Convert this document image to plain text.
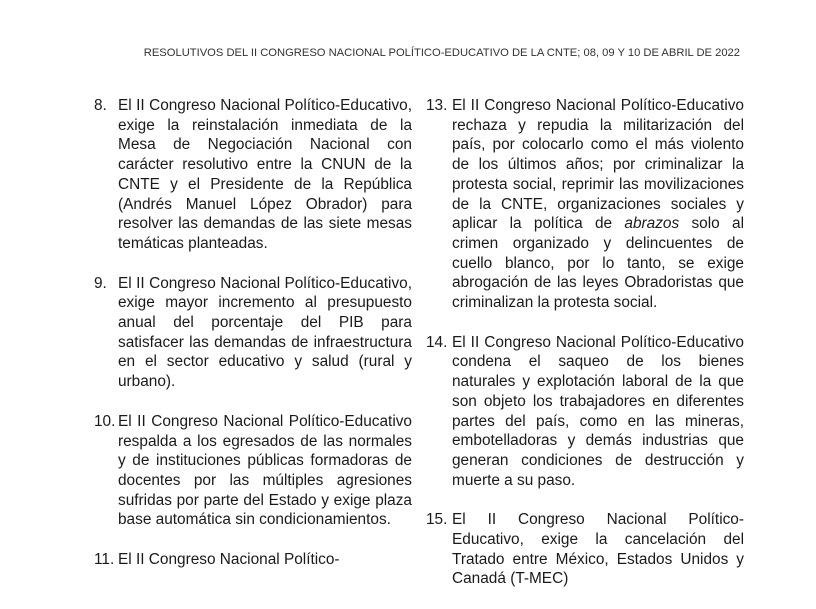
RESOLUTIVOS DEL II CONGRESO NACIONAL POLÍTICO-EDUCATIVO DE LA CNTE; 08, 09 Y 10 DE ABRIL DE 2022
8. El II Congreso Nacional Político-Educativo, exige la reinstalación inmediata de la Mesa de Negociación Nacional con carácter resolutivo entre la CNUN de la CNTE y el Presidente de la República (Andrés Manuel López Obrador) para resolver las demandas de las siete mesas temáticas planteadas.
9. El II Congreso Nacional Político-Educativo, exige mayor incremento al presupuesto anual del porcentaje del PIB para satisfacer las demandas de infraestructura en el sector educativo y salud (rural y urbano).
10. El II Congreso Nacional Político-Educativo respalda a los egresados de las normales y de instituciones públicas formadoras de docentes por las múltiples agresiones sufridas por parte del Estado y exige plaza base automática sin condicionamientos.
11. El II Congreso Nacional Político-
13. El II Congreso Nacional Político-Educativo rechaza y repudia la militarización del país, por colocarlo como el más violento de los últimos años; por criminalizar la protesta social, reprimir las movilizaciones de la CNTE, organizaciones sociales y aplicar la política de abrazos solo al crimen organizado y delincuentes de cuello blanco, por lo tanto, se exige abrogación de las leyes Obradoristas que criminalizan la protesta social.
14. El II Congreso Nacional Político-Educativo condena el saqueo de los bienes naturales y explotación laboral de la que son objeto los trabajadores en diferentes partes del país, como en las mineras, embotelladoras y demás industrias que generan condiciones de destrucción y muerte a su paso.
15. El II Congreso Nacional Político-Educativo, exige la cancelación del Tratado entre México, Estados Unidos y Canadá (T-MEC)
